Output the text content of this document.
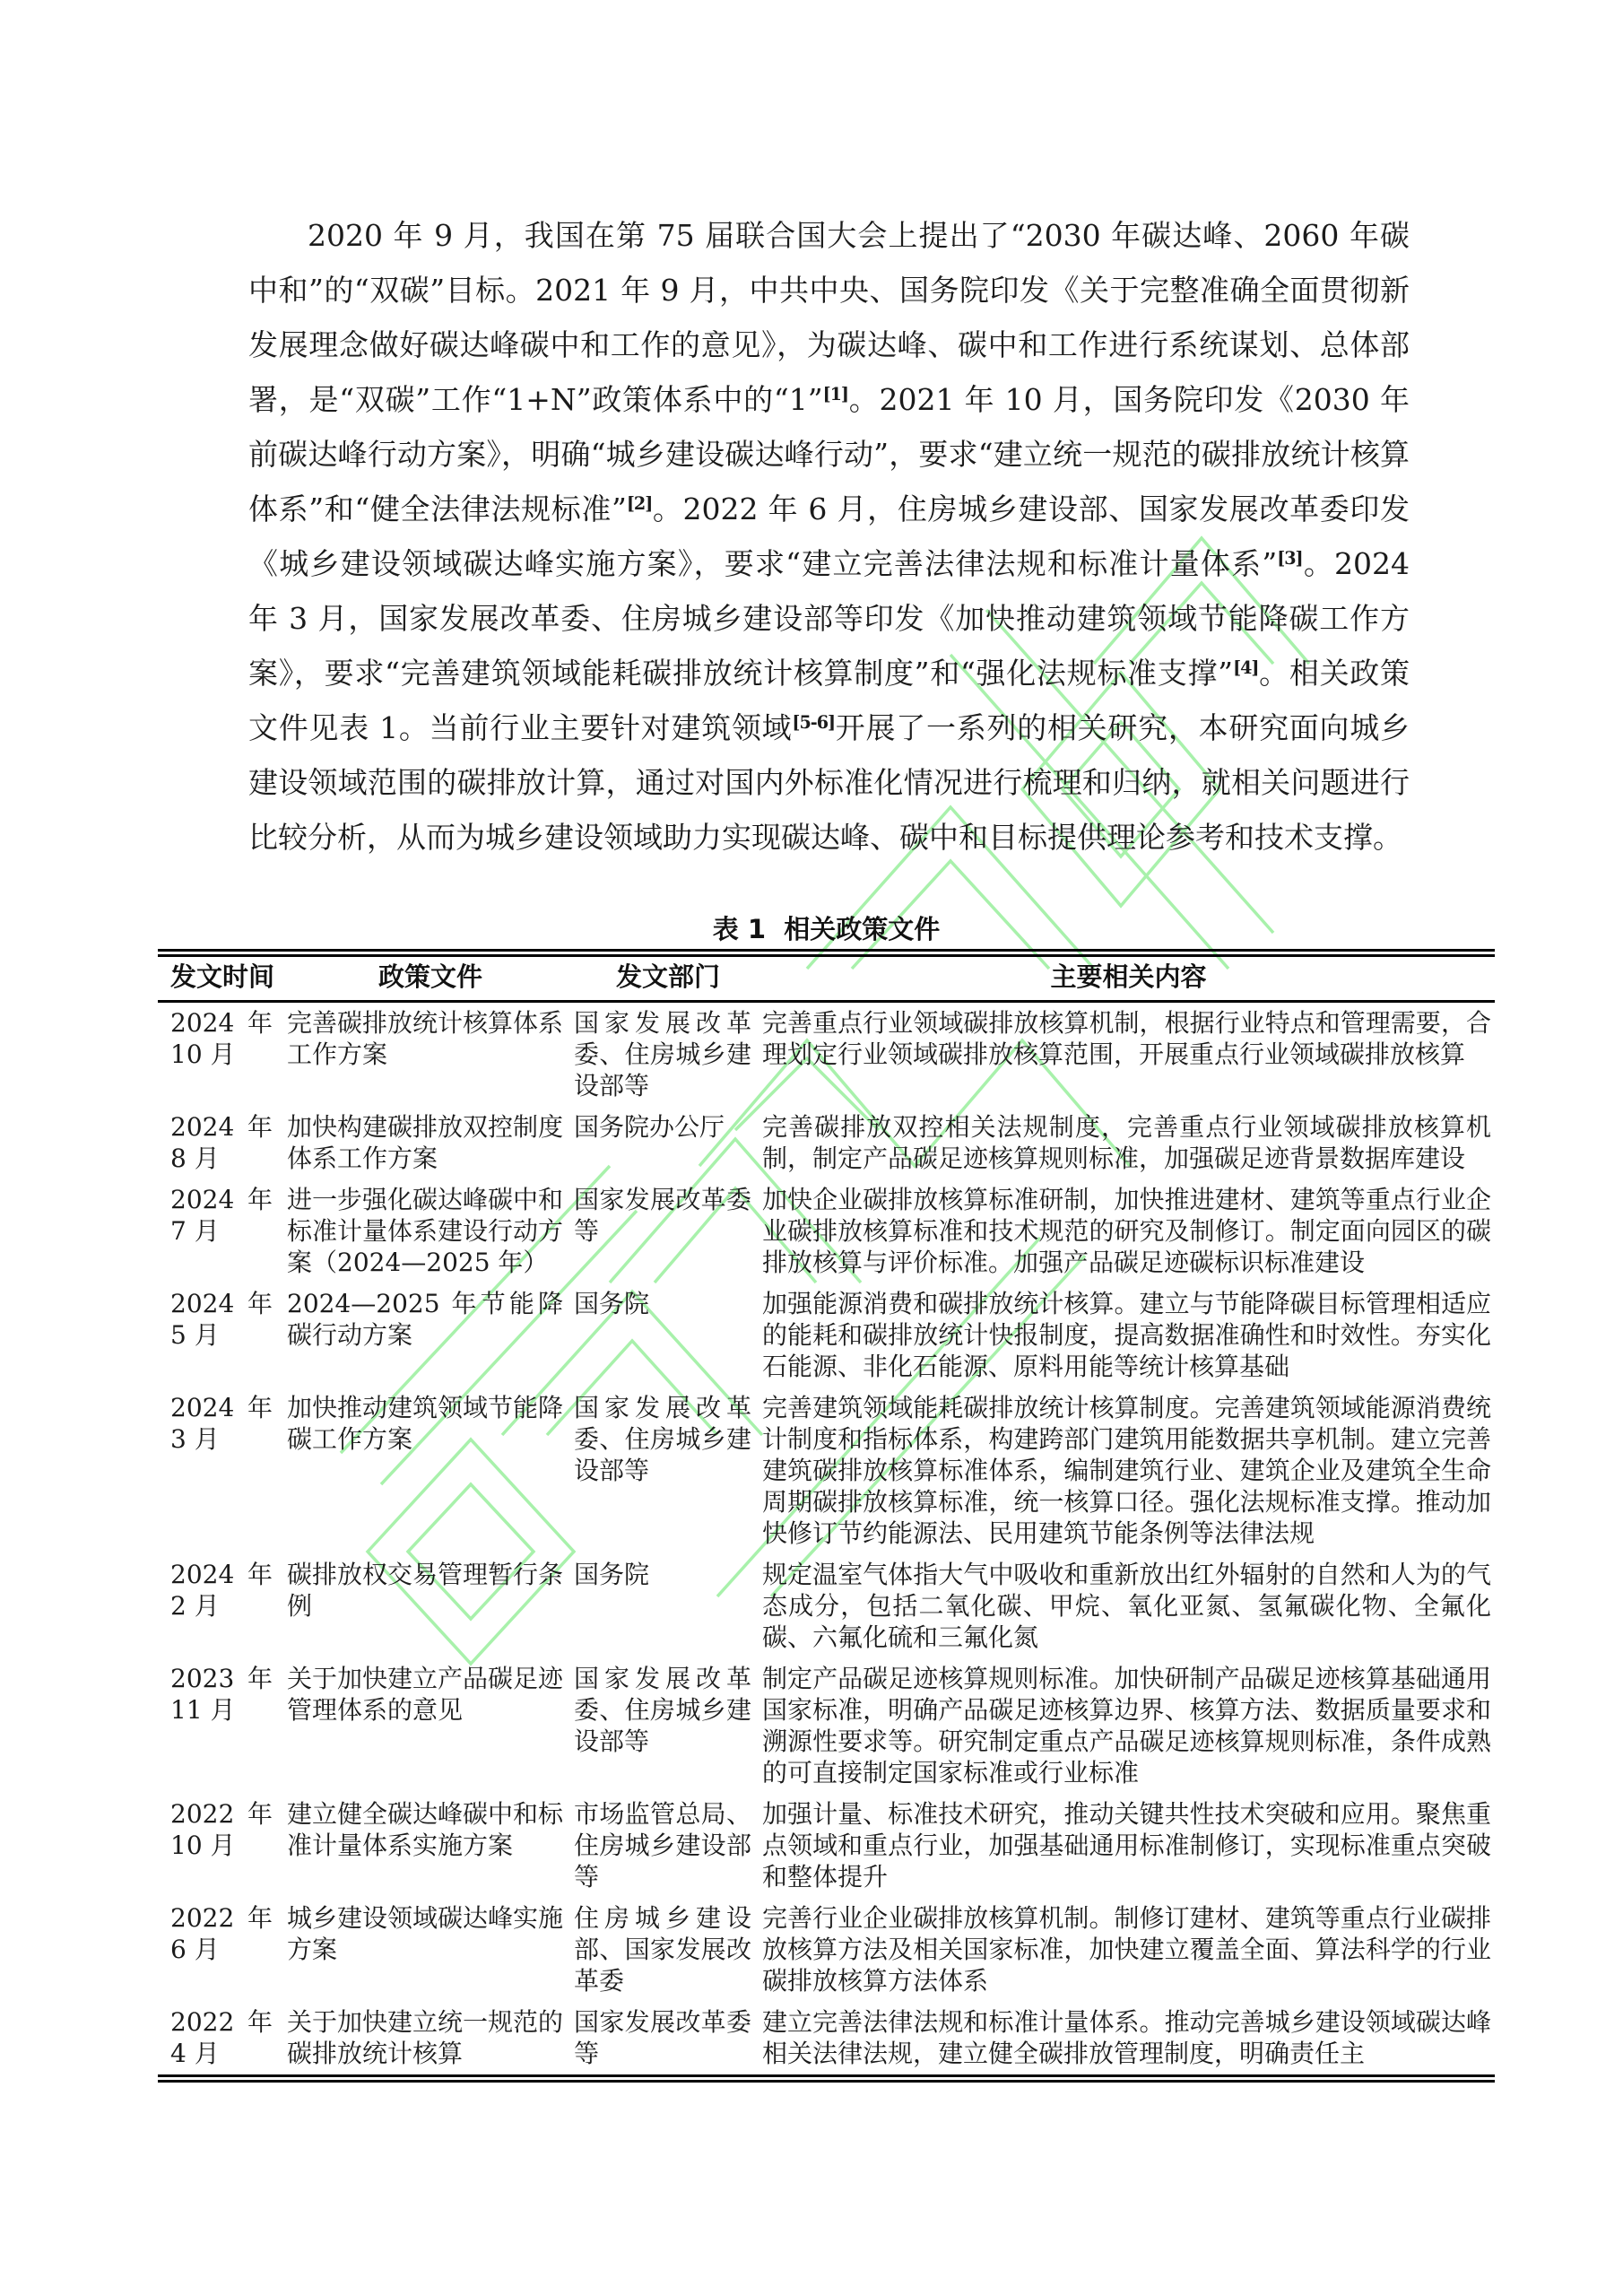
2020 年 9 月，我国在第 75 届联合国大会上提出了“2030 年碳达峰、2060 年碳中和”的“双碳”目标。2021 年 9 月，中共中央、国务院印发《关于完整准确全面贯彻新发展理念做好碳达峰碳中和工作的意见》，为碳达峰、碳中和工作进行系统谋划、总体部署，是“双碳”工作“1+N”政策体系中的“1”[1]。2021 年 10 月，国务院印发《2030 年前碳达峰行动方案》，明确“城乡建设碳达峰行动”，要求“建立统一规范的碳排放统计核算体系”和“健全法律法规标准”[2]。2022 年 6 月，住房城乡建设部、国家发展改革委印发《城乡建设领域碳达峰实施方案》，要求“建立完善法律法规和标准计量体系”[3]。2024 年 3 月，国家发展改革委、住房城乡建设部等印发《加快推动建筑领域节能降碳工作方案》，要求“完善建筑领域能耗碳排放统计核算制度”和“强化法规标准支撑”[4]。相关政策文件见表 1。当前行业主要针对建筑领域[5-6]开展了一系列的相关研究，本研究面向城乡建设领域范围的碳排放计算，通过对国内外标准化情况进行梳理和归纳，就相关问题进行比较分析，从而为城乡建设领域助力实现碳达峰、碳中和目标提供理论参考和技术支撑。

表 1  相关政策文件
发文时间	政策文件	发文部门	主要相关内容
2024 年 10 月	完善碳排放统计核算体系工作方案	国家发展改革委、住房城乡建设部等	完善重点行业领域碳排放核算机制，根据行业特点和管理需要，合理划定行业领域碳排放核算范围，开展重点行业领域碳排放核算
2024 年 8 月	加快构建碳排放双控制度体系工作方案	国务院办公厅	完善碳排放双控相关法规制度，完善重点行业领域碳排放核算机制，制定产品碳足迹核算规则标准，加强碳足迹背景数据库建设
2024 年 7 月	进一步强化碳达峰碳中和标准计量体系建设行动方案（2024—2025 年）	国家发展改革委等	加快企业碳排放核算标准研制，加快推进建材、建筑等重点行业企业碳排放核算标准和技术规范的研究及制修订。制定面向园区的碳排放核算与评价标准。加强产品碳足迹碳标识标准建设
2024 年 5 月	2024—2025 年节能降碳行动方案	国务院	加强能源消费和碳排放统计核算。建立与节能降碳目标管理相适应的能耗和碳排放统计快报制度，提高数据准确性和时效性。夯实化石能源、非化石能源、原料用能等统计核算基础
2024 年 3 月	加快推动建筑领域节能降碳工作方案	国家发展改革委、住房城乡建设部等	完善建筑领域能耗碳排放统计核算制度。完善建筑领域能源消费统计制度和指标体系，构建跨部门建筑用能数据共享机制。建立完善建筑碳排放核算标准体系，编制建筑行业、建筑企业及建筑全生命周期碳排放核算标准，统一核算口径。强化法规标准支撑。推动加快修订节约能源法、民用建筑节能条例等法律法规
2024 年 2 月	碳排放权交易管理暂行条例	国务院	规定温室气体指大气中吸收和重新放出红外辐射的自然和人为的气态成分，包括二氧化碳、甲烷、氧化亚氮、氢氟碳化物、全氟化碳、六氟化硫和三氟化氮
2023 年 11 月	关于加快建立产品碳足迹管理体系的意见	国家发展改革委、住房城乡建设部等	制定产品碳足迹核算规则标准。加快研制产品碳足迹核算基础通用国家标准，明确产品碳足迹核算边界、核算方法、数据质量要求和溯源性要求等。研究制定重点产品碳足迹核算规则标准，条件成熟的可直接制定国家标准或行业标准
2022 年 10 月	建立健全碳达峰碳中和标准计量体系实施方案	市场监管总局、住房城乡建设部等	加强计量、标准技术研究，推动关键共性技术突破和应用。聚焦重点领域和重点行业，加强基础通用标准制修订，实现标准重点突破和整体提升
2022 年 6 月	城乡建设领域碳达峰实施方案	住房城乡建设部、国家发展改革委	完善行业企业碳排放核算机制。制修订建材、建筑等重点行业碳排放核算方法及相关国家标准，加快建立覆盖全面、算法科学的行业碳排放核算方法体系
2022 年 4 月	关于加快建立统一规范的碳排放统计核算	国家发展改革委等	建立完善法律法规和标准计量体系。推动完善城乡建设领域碳达峰相关法律法规，建立健全碳排放管理制度，明确责任主
